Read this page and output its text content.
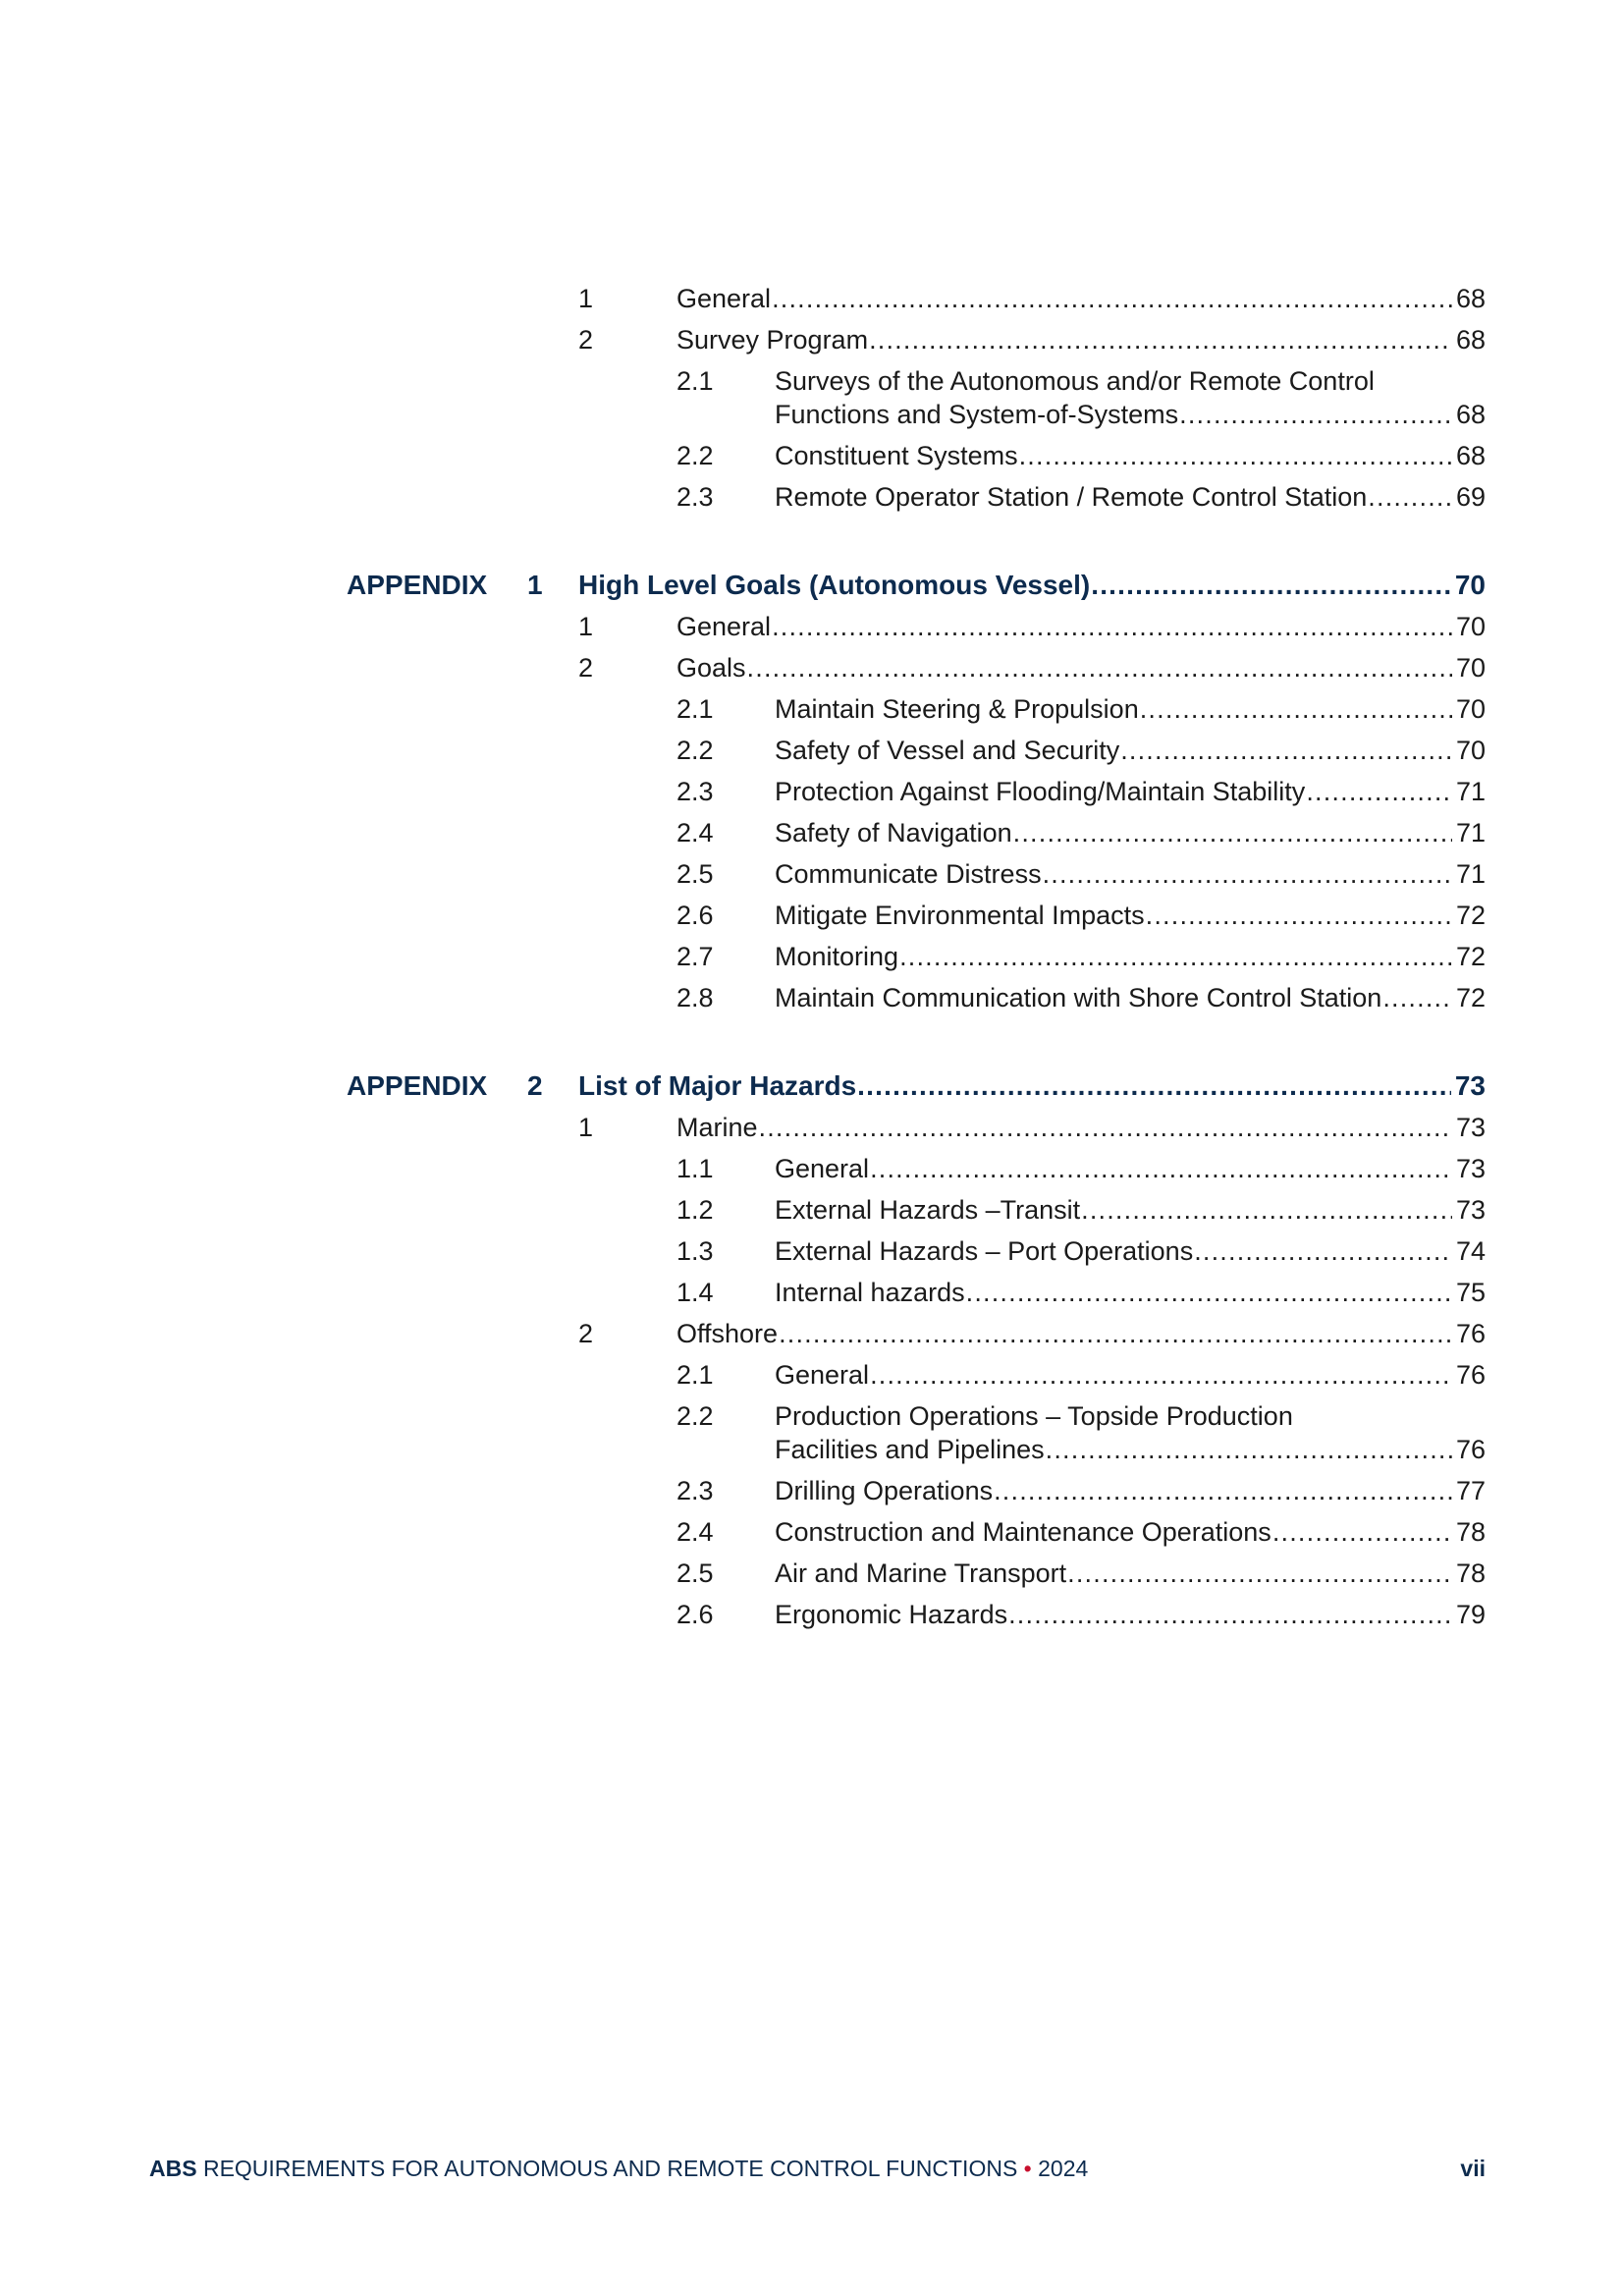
1	General .....	68
2	Survey Program .....	68
2.1 Surveys of the Autonomous and/or Remote Control
Functions and System-of-Systems .....	68
2.2 Constituent Systems .....	68
2.3 Remote Operator Station / Remote Control Station .....	69
APPENDIX 1 High Level Goals (Autonomous Vessel) .....	70
1	General .....	70
2	Goals .....	70
2.1 Maintain Steering & Propulsion .....	70
2.2 Safety of Vessel and Security .....	70
2.3 Protection Against Flooding/Maintain Stability .....	71
2.4 Safety of Navigation .....	71
2.5 Communicate Distress .....	71
2.6 Mitigate Environmental Impacts .....	72
2.7 Monitoring .....	72
2.8 Maintain Communication with Shore Control Station .....	72
APPENDIX 2 List of Major Hazards .....	73
1	Marine .....	73
1.1 General .....	73
1.2 External Hazards –Transit .....	73
1.3 External Hazards – Port Operations .....	74
1.4 Internal hazards .....	75
2	Offshore .....	76
2.1 General .....	76
2.2 Production Operations – Topside Production
Facilities and Pipelines .....	76
2.3 Drilling Operations .....	77
2.4 Construction and Maintenance Operations .....	78
2.5 Air and Marine Transport .....	78
2.6 Ergonomic Hazards .....	79
ABS REQUIREMENTS FOR AUTONOMOUS AND REMOTE CONTROL FUNCTIONS • 2024	vii
